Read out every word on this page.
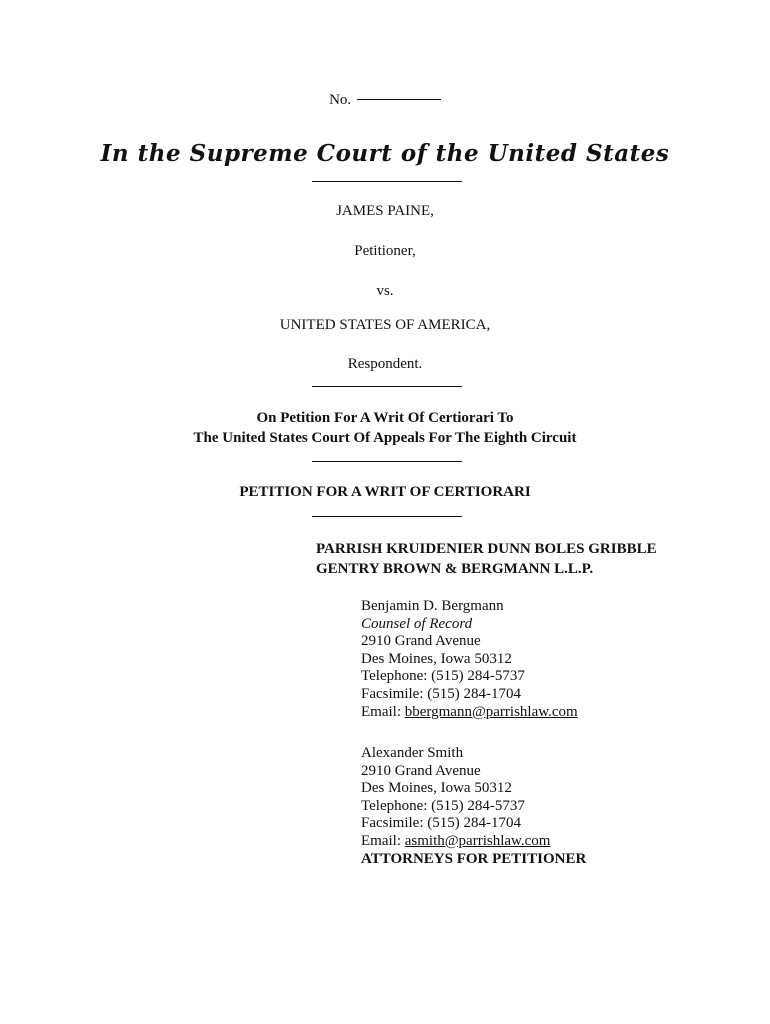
No.

In the Supreme Court of the United States

JAMES PAINE,

Petitioner,

vs.

UNITED STATES OF AMERICA,

Respondent.

On Petition For A Writ Of Certiorari To

The United States Court Of Appeals For The Eighth Circuit

PETITION FOR A WRIT OF CERTIORARI

PARRISH KRUIDENIER DUNN BOLES GRIBBLE

GENTRY BROWN & BERGMANN L.L.P.

Benjamin D. Bergmann
Counsel of Record
2910 Grand Avenue
Des Moines, Iowa 50312
Telephone: (515) 284-5737
Facsimile: (515) 284-1704
Email: bbergmann@parrishlaw.com
Alexander Smith
2910 Grand Avenue
Des Moines, Iowa 50312
Telephone: (515) 284-5737
Facsimile: (515) 284-1704
Email: asmith@parrishlaw.com
ATTORNEYS FOR PETITIONER
